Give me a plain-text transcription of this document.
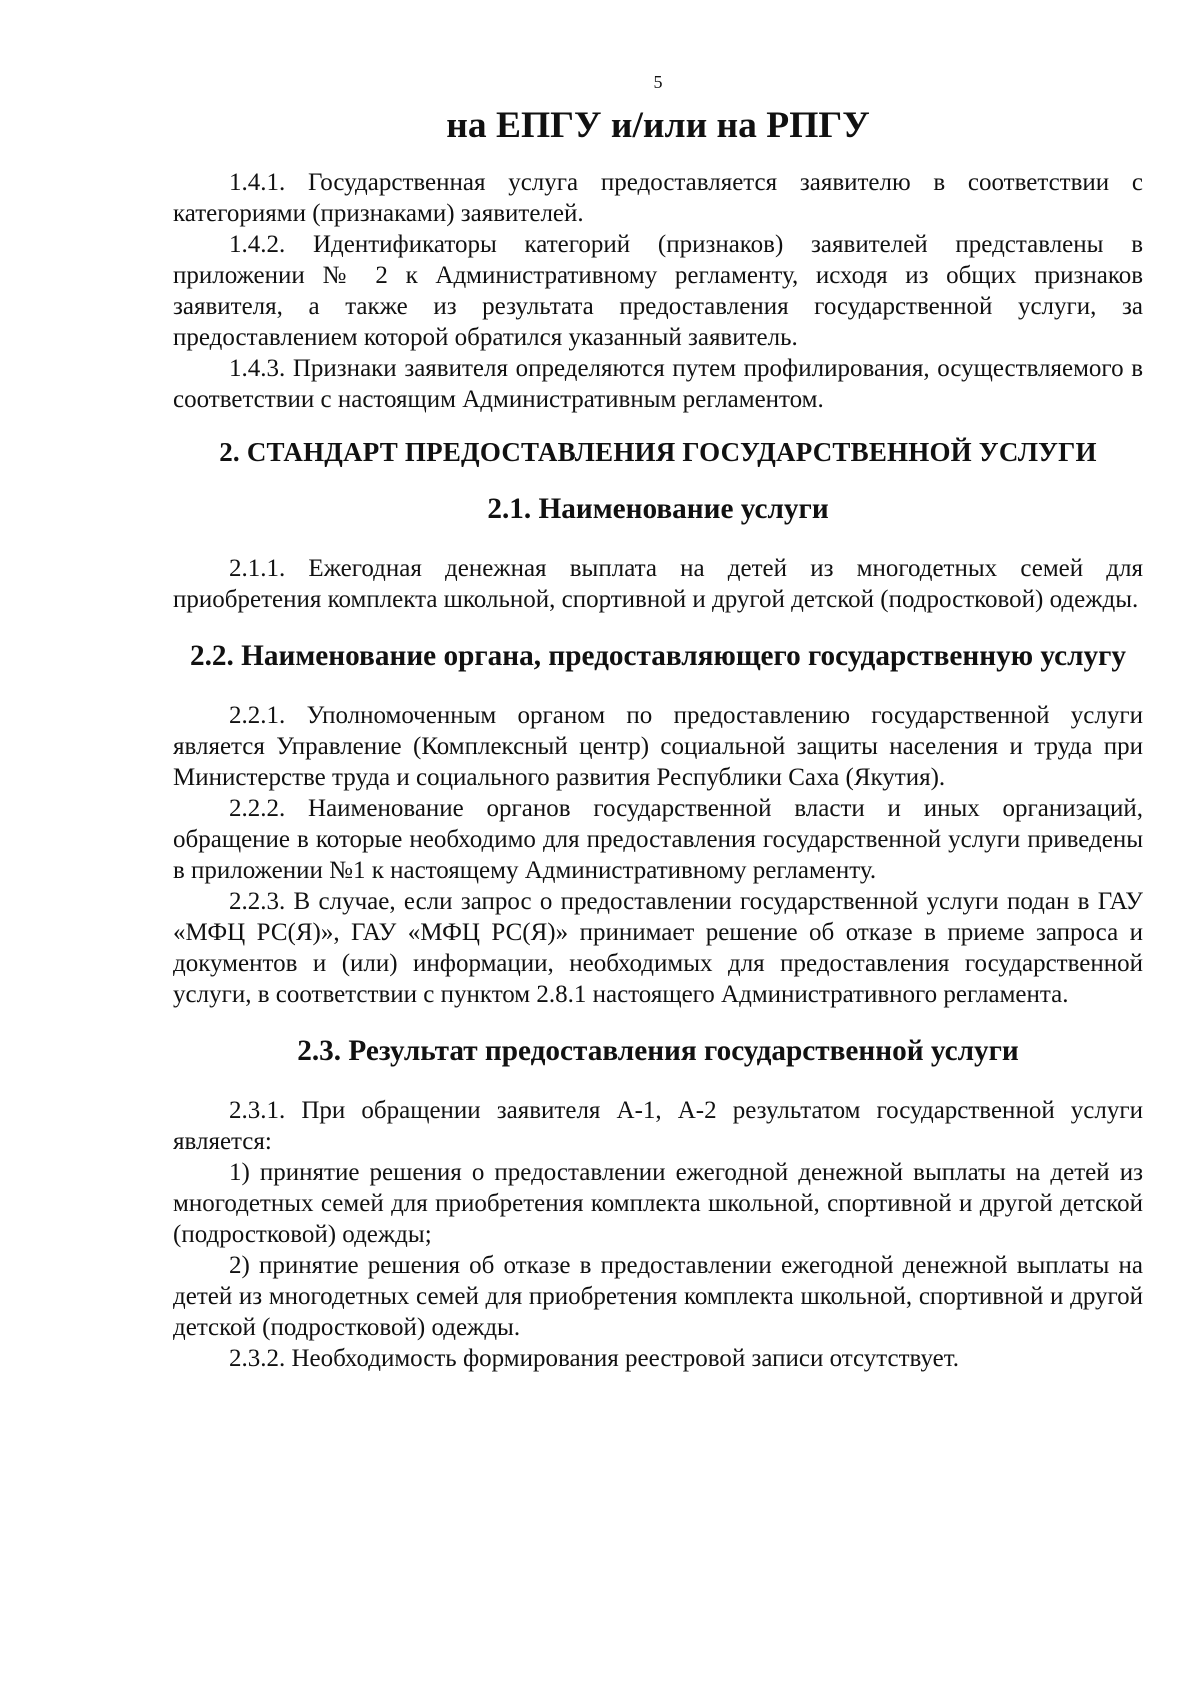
5
на ЕПГУ и/или на РПГУ

1.4.1. Государственная услуга предоставляется заявителю в соответствии с категориями (признаками) заявителей.

1.4.2. Идентификаторы категорий (признаков) заявителей представлены в приложении № 2 к Административному регламенту, исходя из общих признаков заявителя, а также из результата предоставления государственной услуги, за предоставлением которой обратился указанный заявитель.

1.4.3. Признаки заявителя определяются путем профилирования, осуществляемого в соответствии с настоящим Административным регламентом.

2. СТАНДАРТ ПРЕДОСТАВЛЕНИЯ ГОСУДАРСТВЕННОЙ УСЛУГИ
2.1. Наименование услуги

2.1.1. Ежегодная денежная выплата на детей из многодетных семей для приобретения комплекта школьной, спортивной и другой детской (подростковой) одежды.

2.2. Наименование органа, предоставляющего государственную услугу

2.2.1. Уполномоченным органом по предоставлению государственной услуги является Управление (Комплексный центр) социальной защиты населения и труда при Министерстве труда и социального развития Республики Саха (Якутия).

2.2.2. Наименование органов государственной власти и иных организаций, обращение в которые необходимо для предоставления государственной услуги приведены в приложении №1 к настоящему Административному регламенту.

2.2.3. В случае, если запрос о предоставлении государственной услуги подан в ГАУ «МФЦ РС(Я)», ГАУ «МФЦ РС(Я)» принимает решение об отказе в приеме запроса и документов и (или) информации, необходимых для предоставления государственной услуги, в соответствии с пунктом 2.8.1 настоящего Административного регламента.

2.3. Результат предоставления государственной услуги

2.3.1. При обращении заявителя А-1, А-2 результатом государственной услуги является:

1) принятие решения о предоставлении ежегодной денежной выплаты на детей из многодетных семей для приобретения комплекта школьной, спортивной и другой детской (подростковой) одежды;

2) принятие решения об отказе в предоставлении ежегодной денежной выплаты на детей из многодетных семей для приобретения комплекта школьной, спортивной и другой детской (подростковой) одежды.

2.3.2. Необходимость формирования реестровой записи отсутствует.
